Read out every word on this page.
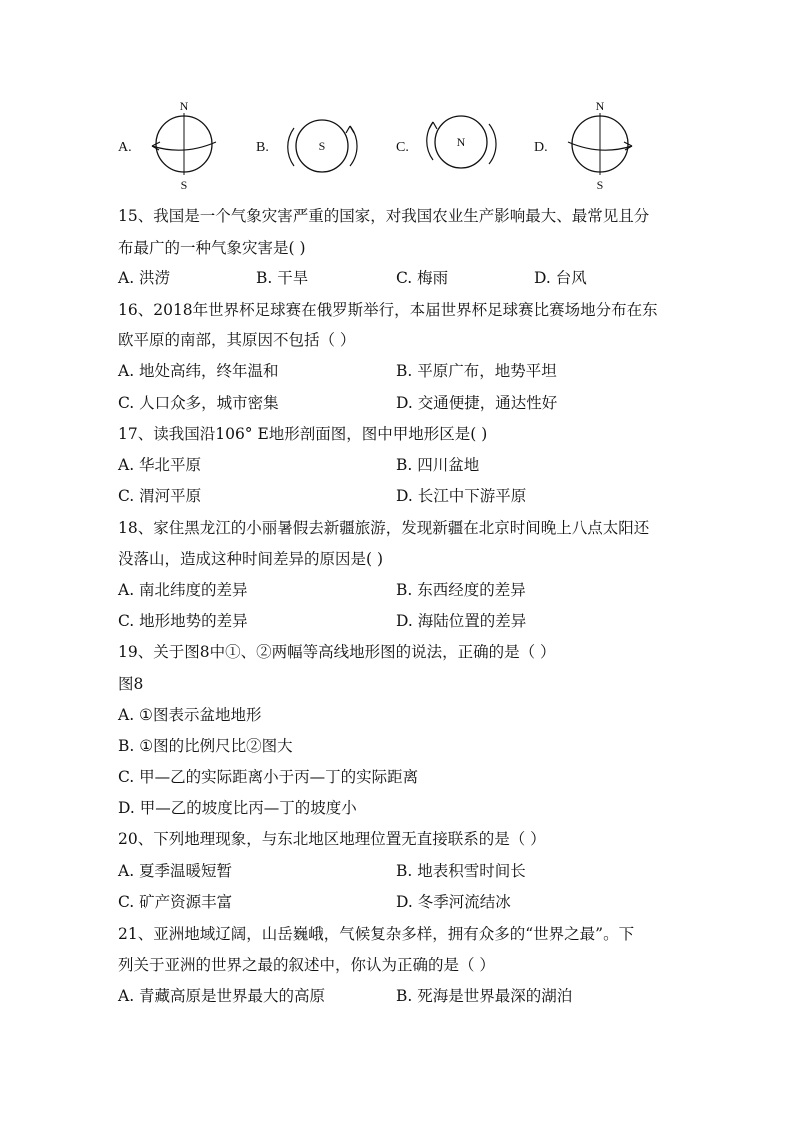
A.
N
S
B.	S	C.	N	D.
N
S
15、我国是一个气象灾害严重的国家，对我国农业生产影响最大、最常见且分
布最广的一种气象灾害是( )
A. 洪涝	B. 干旱	C. 梅雨	D. 台风
16、2018年世界杯足球赛在俄罗斯举行，本届世界杯足球赛比赛场地分布在东
欧平原的南部，其原因不包括（ ）
A. 地处高纬，终年温和	B. 平原广布，地势平坦
C. 人口众多，城市密集	D. 交通便捷，通达性好
17、读我国沿106° E地形剖面图，图中甲地形区是( )
A. 华北平原	B. 四川盆地
C. 渭河平原	D. 长江中下游平原
18、家住黑龙江的小丽暑假去新疆旅游，发现新疆在北京时间晚上八点太阳还
没落山，造成这种时间差异的原因是( )
A. 南北纬度的差异	B. 东西经度的差异
C. 地形地势的差异	D. 海陆位置的差异
19、关于图8中①、②两幅等高线地形图的说法，正确的是（ ）
图8
A. ①图表示盆地地形
B. ①图的比例尺比②图大
C. 甲—乙的实际距离小于丙—丁的实际距离
D. 甲—乙的坡度比丙—丁的坡度小
20、下列地理现象，与东北地区地理位置无直接联系的是（ ）
A. 夏季温暖短暂	B. 地表积雪时间长
C. 矿产资源丰富	D. 冬季河流结冰
21、亚洲地域辽阔，山岳巍峨，气候复杂多样，拥有众多的“世界之最”。下
列关于亚洲的世界之最的叙述中，你认为正确的是（ ）
A. 青藏高原是世界最大的高原	B. 死海是世界最深的湖泊
